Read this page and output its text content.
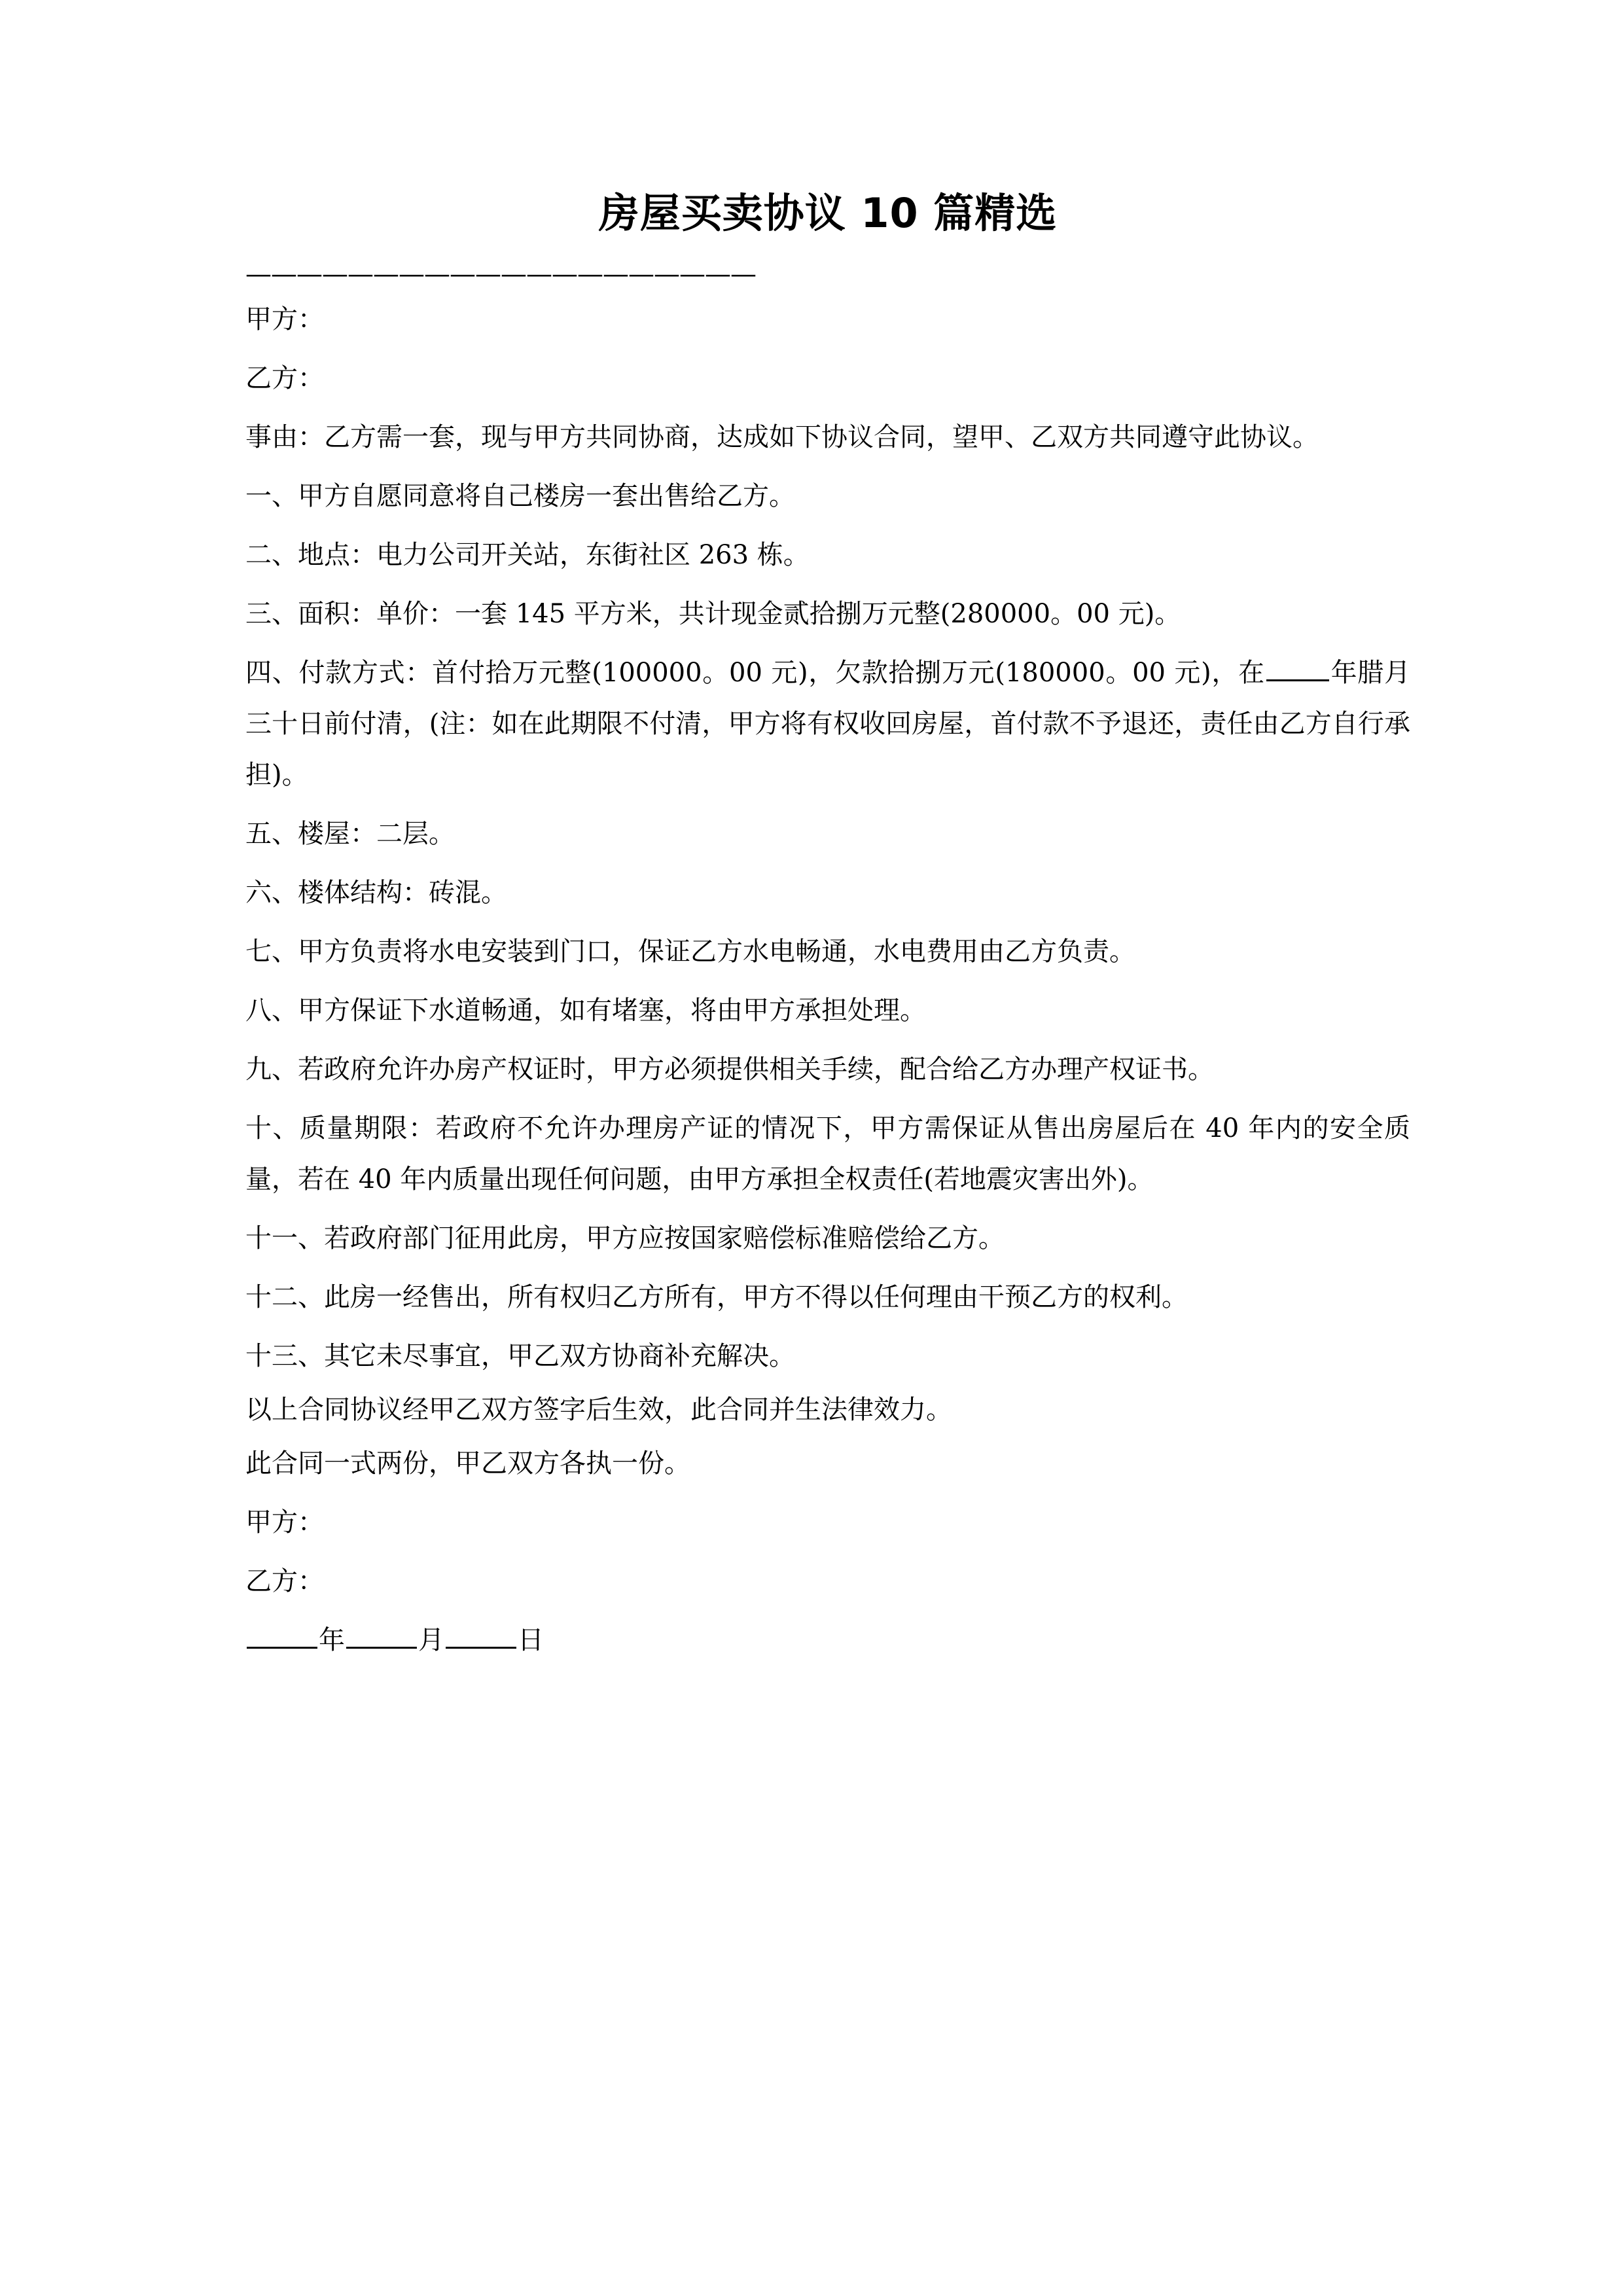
房屋买卖协议 10 篇精选
————————————————————

甲方：

乙方：

事由：乙方需一套，现与甲方共同协商，达成如下协议合同，望甲、乙双方共同遵守此协议。

一、甲方自愿同意将自己楼房一套出售给乙方。

二、地点：电力公司开关站，东街社区 263 栋。

三、面积：单价：一套 145 平方米，共计现金贰拾捌万元整(280000。00 元)。

四、付款方式：首付拾万元整(100000。00 元)，欠款拾捌万元(180000。00 元)，在	年腊月三十日前付清，(注：如在此期限不付清，甲方将有权收回房屋，首付款不予退还，责任由乙方自行承担)。

五、楼屋：二层。

六、楼体结构：砖混。

七、甲方负责将水电安装到门口，保证乙方水电畅通，水电费用由乙方负责。

八、甲方保证下水道畅通，如有堵塞，将由甲方承担处理。

九、若政府允许办房产权证时，甲方必须提供相关手续，配合给乙方办理产权证书。

十、质量期限：若政府不允许办理房产证的情况下，甲方需保证从售出房屋后在 40 年内的安全质量，若在 40 年内质量出现任何问题，由甲方承担全权责任(若地震灾害出外)。

十一、若政府部门征用此房，甲方应按国家赔偿标准赔偿给乙方。

十二、此房一经售出，所有权归乙方所有，甲方不得以任何理由干预乙方的权利。

十三、其它未尽事宜，甲乙双方协商补充解决。

以上合同协议经甲乙双方签字后生效，此合同并生法律效力。

此合同一式两份，甲乙双方各执一份。

甲方：

乙方：

年	月	日
